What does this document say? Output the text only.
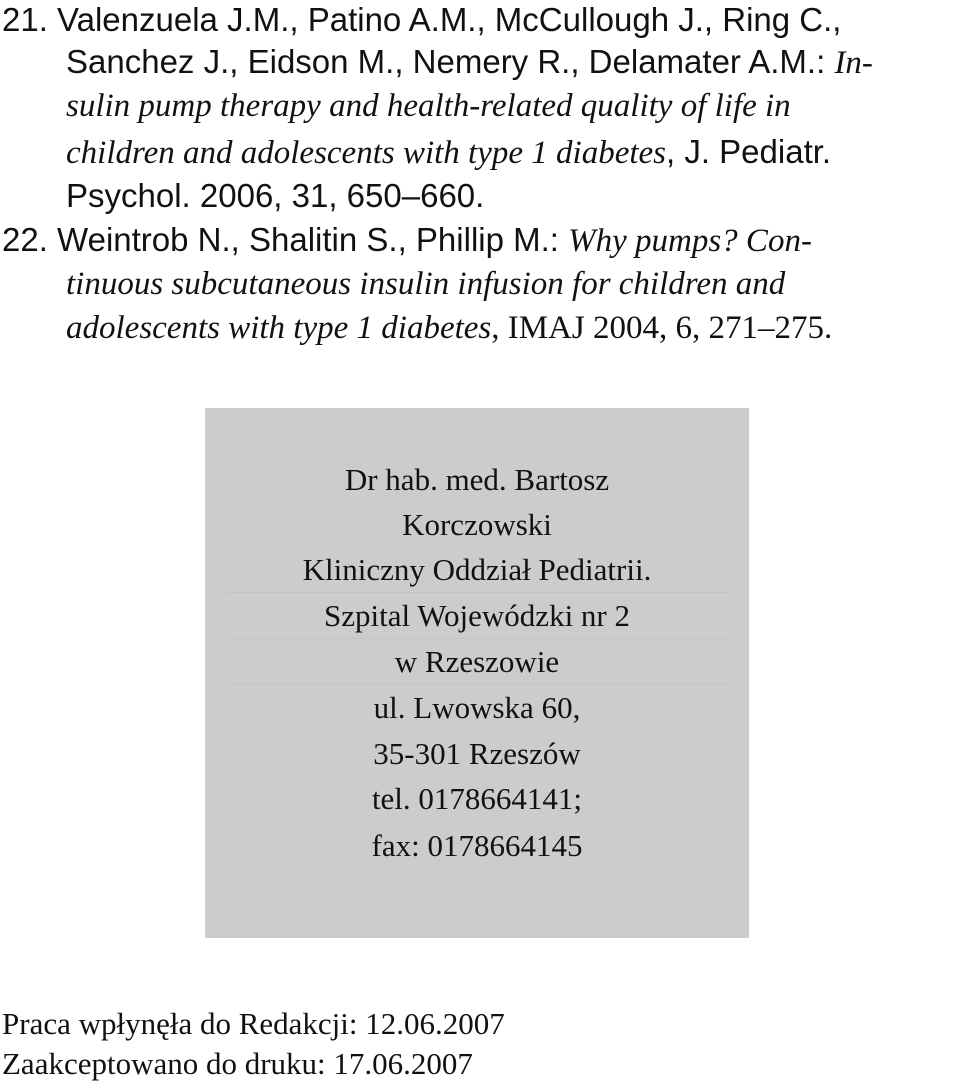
21. Valenzuela J.M., Patino A.M., McCullough J., Ring C.,
Sanchez J., Eidson M., Nemery R., Delamater A.M.: In-
sulin pump therapy and health-related quality of life in
children and adolescents with type 1 diabetes, J. Pediatr.
Psychol. 2006, 31, 650–660.
22. Weintrob N., Shalitin S., Phillip M.: Why pumps? Con-
tinuous subcutaneous insulin infusion for children and
adolescents with type 1 diabetes, IMAJ 2004, 6, 271–275.
Dr hab. med. Bartosz
Korczowski
Kliniczny Oddział Pediatrii.
Szpital Wojewódzki nr 2
w Rzeszowie
ul. Lwowska 60,
35-301 Rzeszów
tel. 0178664141;
fax: 0178664145
Praca wpłynęła do Redakcji: 12.06.2007
Zaakceptowano do druku: 17.06.2007
